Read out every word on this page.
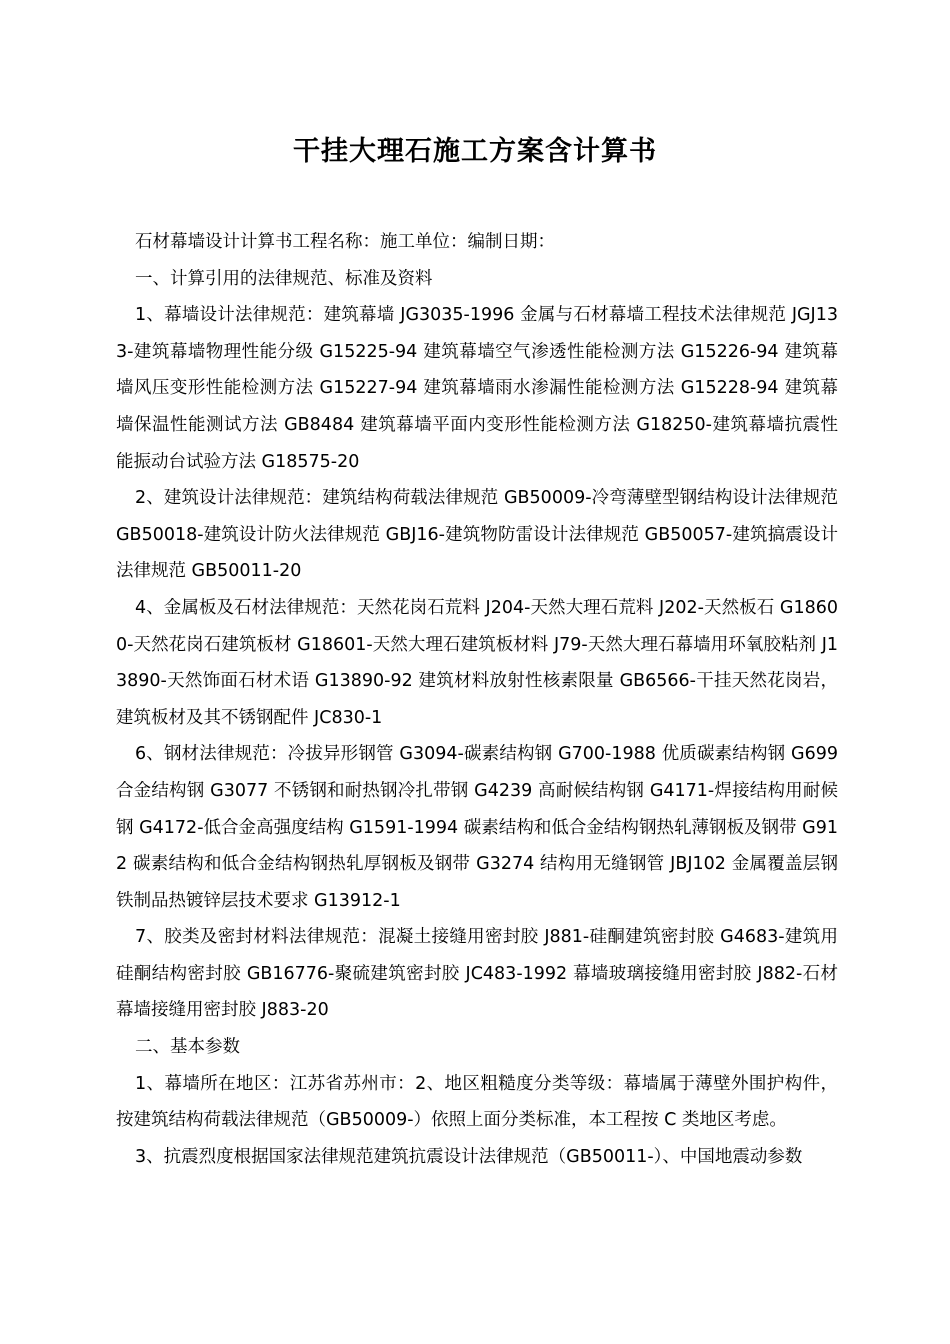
干挂大理石施工方案含计算书

石材幕墙设计计算书工程名称：施工单位：编制日期：

一、计算引用的法律规范、标准及资料

1、幕墙设计法律规范：建筑幕墙 JG3035-1996 金属与石材幕墙工程技术法律规范 JGJ133-建筑幕墙物理性能分级 G15225-94 建筑幕墙空气渗透性能检测方法 G15226-94 建筑幕墙风压变形性能检测方法 G15227-94 建筑幕墙雨水渗漏性能检测方法 G15228-94 建筑幕墙保温性能测试方法 GB8484 建筑幕墙平面内变形性能检测方法 G18250-建筑幕墙抗震性能振动台试验方法 G18575-20

2、建筑设计法律规范：建筑结构荷载法律规范 GB50009-冷弯薄壁型钢结构设计法律规范 GB50018-建筑设计防火法律规范 GBJ16-建筑物防雷设计法律规范 GB50057-建筑搞震设计法律规范 GB50011-20

4、金属板及石材法律规范：天然花岗石荒料 J204-天然大理石荒料 J202-天然板石 G18600-天然花岗石建筑板材 G18601-天然大理石建筑板材料 J79-天然大理石幕墙用环氧胶粘剂 J13890-天然饰面石材术语 G13890-92 建筑材料放射性核素限量 GB6566-干挂天然花岗岩，建筑板材及其不锈钢配件 JC830-1

6、钢材法律规范：冷拔异形钢管 G3094-碳素结构钢 G700-1988 优质碳素结构钢 G699 合金结构钢 G3077 不锈钢和耐热钢冷扎带钢 G4239 高耐候结构钢 G4171-焊接结构用耐候钢 G4172-低合金高强度结构 G1591-1994 碳素结构和低合金结构钢热轧薄钢板及钢带 G912 碳素结构和低合金结构钢热轧厚钢板及钢带 G3274 结构用无缝钢管 JBJ102 金属覆盖层钢铁制品热镀锌层技术要求 G13912-1

7、胶类及密封材料法律规范：混凝土接缝用密封胶 J881-硅酮建筑密封胶 G4683-建筑用硅酮结构密封胶 GB16776-聚硫建筑密封胶 JC483-1992 幕墙玻璃接缝用密封胶 J882-石材幕墙接缝用密封胶 J883-20

二、基本参数

1、幕墙所在地区：江苏省苏州市：2、地区粗糙度分类等级：幕墙属于薄壁外围护构件，按建筑结构荷载法律规范（GB50009-）依照上面分类标准，本工程按 C 类地区考虑。

3、抗震烈度根据国家法律规范建筑抗震设计法律规范（GB50011-）、中国地震动参数
